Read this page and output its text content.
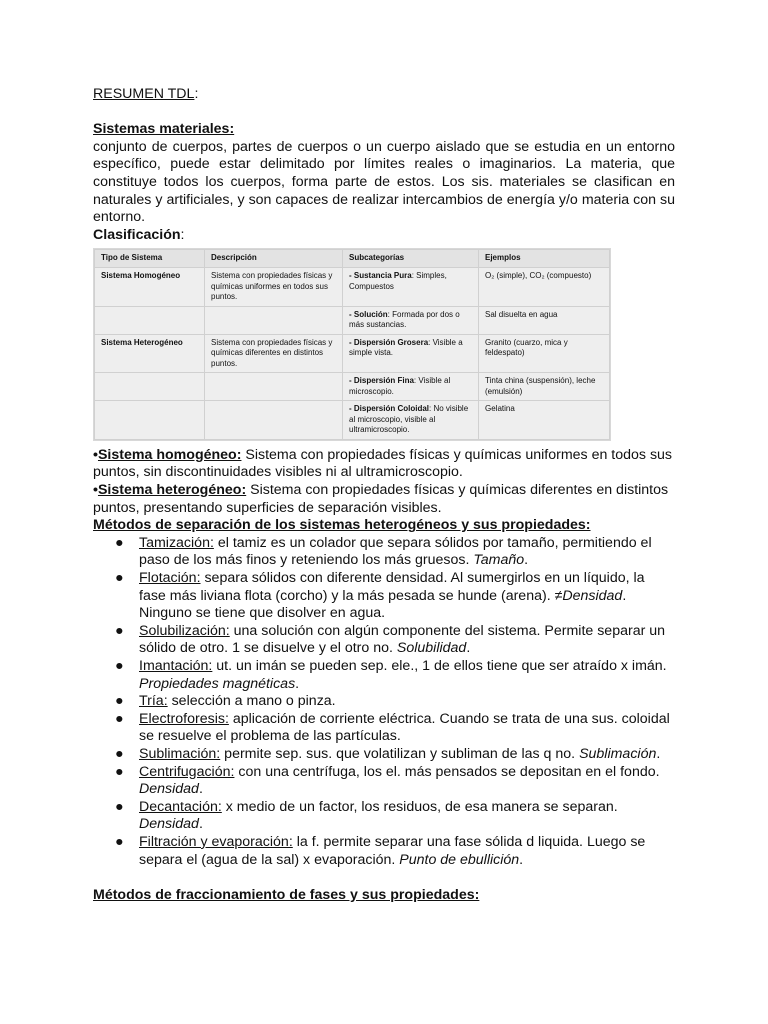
RESUMEN TDL:

Sistemas materiales:

conjunto de cuerpos, partes de cuerpos o un cuerpo aislado que se estudia en un entorno específico, puede estar delimitado por límites reales o imaginarios. La materia, que constituye todos los cuerpos, forma parte de estos. Los sis. materiales se clasifican en naturales y artificiales, y son capaces de realizar intercambios de energía y/o materia con su entorno.

Clasificación:

Tipo de Sistema	Descripción	Subcategorías	Ejemplos
Sistema Homogéneo	Sistema con propiedades físicas y químicas uniformes en todos sus puntos.	- Sustancia Pura: Simples, Compuestos	O₂ (simple), CO₂ (compuesto)
		- Solución: Formada por dos o más sustancias.	Sal disuelta en agua
Sistema Heterogéneo	Sistema con propiedades físicas y químicas diferentes en distintos puntos.	- Dispersión Grosera: Visible a simple vista.	Granito (cuarzo, mica y feldespato)
		- Dispersión Fina: Visible al microscopio.	Tinta china (suspensión), leche (emulsión)
		- Dispersión Coloidal: No visible al microscopio, visible al ultramicroscopio.	Gelatina

•Sistema homogéneo: Sistema con propiedades físicas y químicas uniformes en todos sus puntos, sin discontinuidades visibles ni al ultramicroscopio.

•Sistema heterogéneo: Sistema con propiedades físicas y químicas diferentes en distintos puntos, presentando superficies de separación visibles.

Métodos de separación de los sistemas heterogéneos y sus propiedades:

● Tamización: el tamiz es un colador que separa sólidos por tamaño, permitiendo el paso de los más finos y reteniendo los más gruesos. Tamaño.
● Flotación: separa sólidos con diferente densidad. Al sumergirlos en un líquido, la fase más liviana flota (corcho) y la más pesada se hunde (arena). ≠Densidad. Ninguno se tiene que disolver en agua.
● Solubilización: una solución con algún componente del sistema. Permite separar un sólido de otro. 1 se disuelve y el otro no. Solubilidad.
● Imantación: ut. un imán se pueden sep. ele., 1 de ellos tiene que ser atraído x imán. Propiedades magnéticas.
● Tría: selección a mano o pinza.
● Electroforesis: aplicación de corriente eléctrica. Cuando se trata de una sus. coloidal se resuelve el problema de las partículas.
● Sublimación: permite sep. sus. que volatilizan y subliman de las q no. Sublimación.
● Centrifugación: con una centrífuga, los el. más pensados se depositan en el fondo. Densidad.
● Decantación: x medio de un factor, los residuos, de esa manera se separan. Densidad.
● Filtración y evaporación: la f. permite separar una fase sólida d liquida. Luego se separa el (agua de la sal) x evaporación. Punto de ebullición.

Métodos de fraccionamiento de fases y sus propiedades:
